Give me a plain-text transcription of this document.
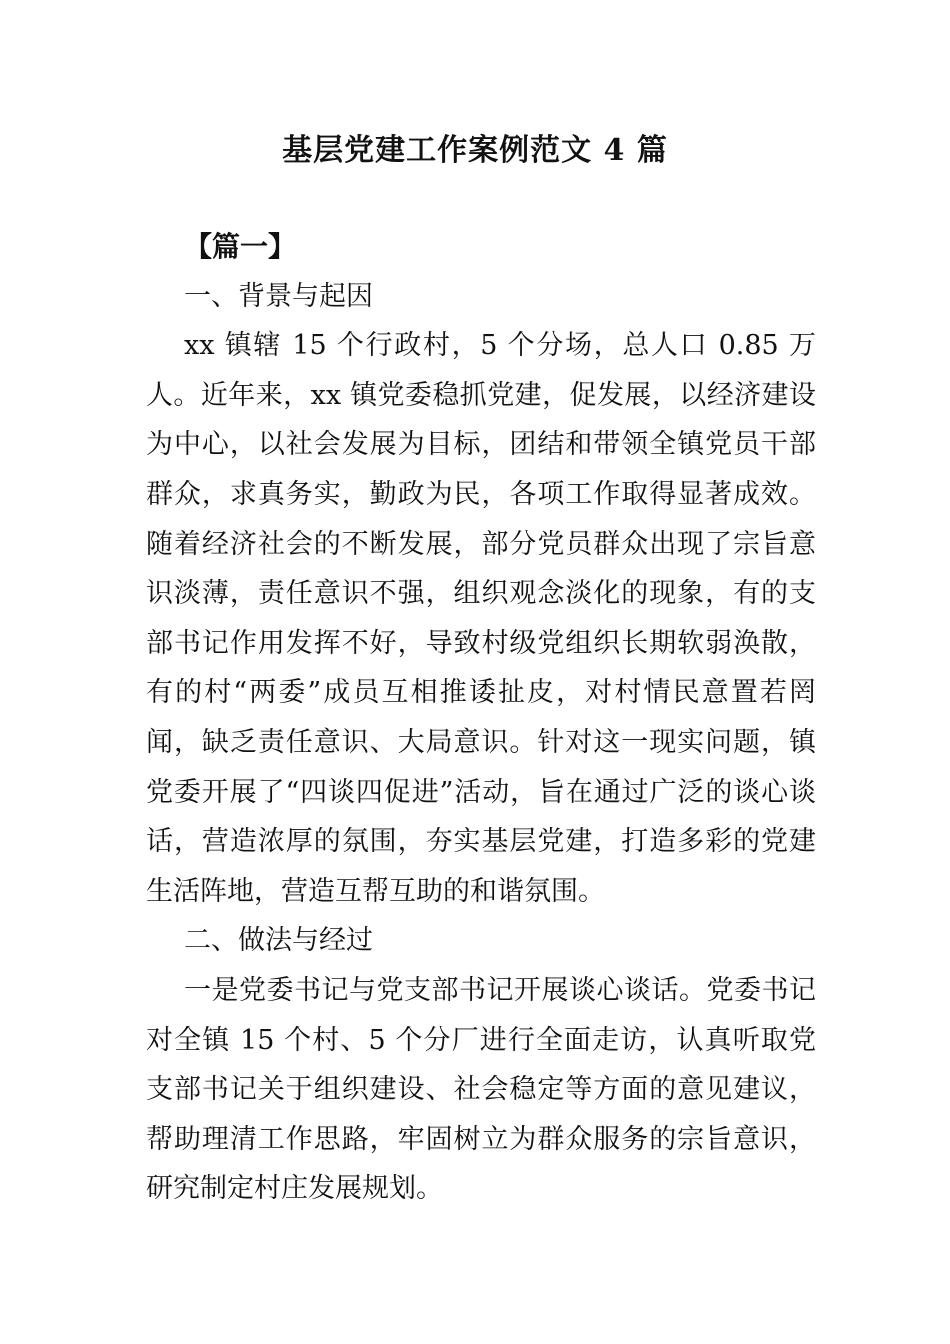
基层党建工作案例范文 4 篇

【篇一】

一、背景与起因

xx 镇辖 15 个行政村，5 个分场，总人口 0.85 万人。近年来，xx 镇党委稳抓党建，促发展，以经济建设为中心，以社会发展为目标，团结和带领全镇党员干部群众，求真务实，勤政为民，各项工作取得显著成效。随着经济社会的不断发展，部分党员群众出现了宗旨意识淡薄，责任意识不强，组织观念淡化的现象，有的支部书记作用发挥不好，导致村级党组织长期软弱涣散，有的村“两委”成员互相推诿扯皮，对村情民意置若罔闻，缺乏责任意识、大局意识。针对这一现实问题，镇党委开展了“四谈四促进”活动，旨在通过广泛的谈心谈话，营造浓厚的氛围，夯实基层党建，打造多彩的党建生活阵地，营造互帮互助的和谐氛围。

二、做法与经过

一是党委书记与党支部书记开展谈心谈话。党委书记对全镇 15 个村、5 个分厂进行全面走访，认真听取党支部书记关于组织建设、社会稳定等方面的意见建议，帮助理清工作思路，牢固树立为群众服务的宗旨意识，研究制定村庄发展规划。
